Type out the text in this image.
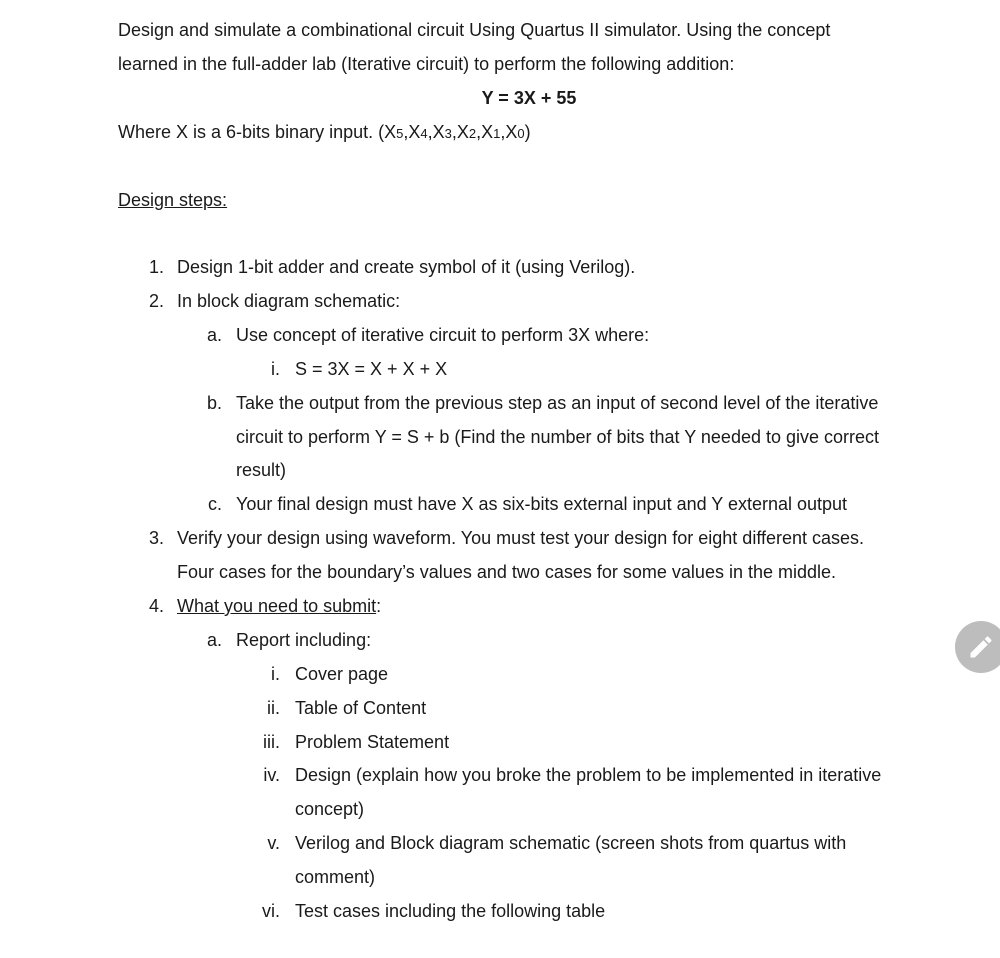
Design and simulate a combinational circuit Using Quartus II simulator. Using the concept
learned in the full-adder lab (Iterative circuit) to perform the following addition:
Y = 3X + 55
Where X is a 6-bits binary input. (X5,X4,X3,X2,X1,X0)
Design steps:
1. Design 1-bit adder and create symbol of it (using Verilog).
2. In block diagram schematic:
a. Use concept of iterative circuit to perform 3X where:
i. S = 3X = X + X + X
b. Take the output from the previous step as an input of second level of the iterative
circuit to perform Y = S + b (Find the number of bits that Y needed to give correct
result)
c. Your final design must have X as six-bits external input and Y external output
3. Verify your design using waveform. You must test your design for eight different cases.
Four cases for the boundary’s values and two cases for some values in the middle.
4. What you need to submit:
a. Report including:
i. Cover page
ii. Table of Content
iii. Problem Statement
iv. Design (explain how you broke the problem to be implemented in iterative
concept)
v. Verilog and Block diagram schematic (screen shots from quartus with
comment)
vi. Test cases including the following table
